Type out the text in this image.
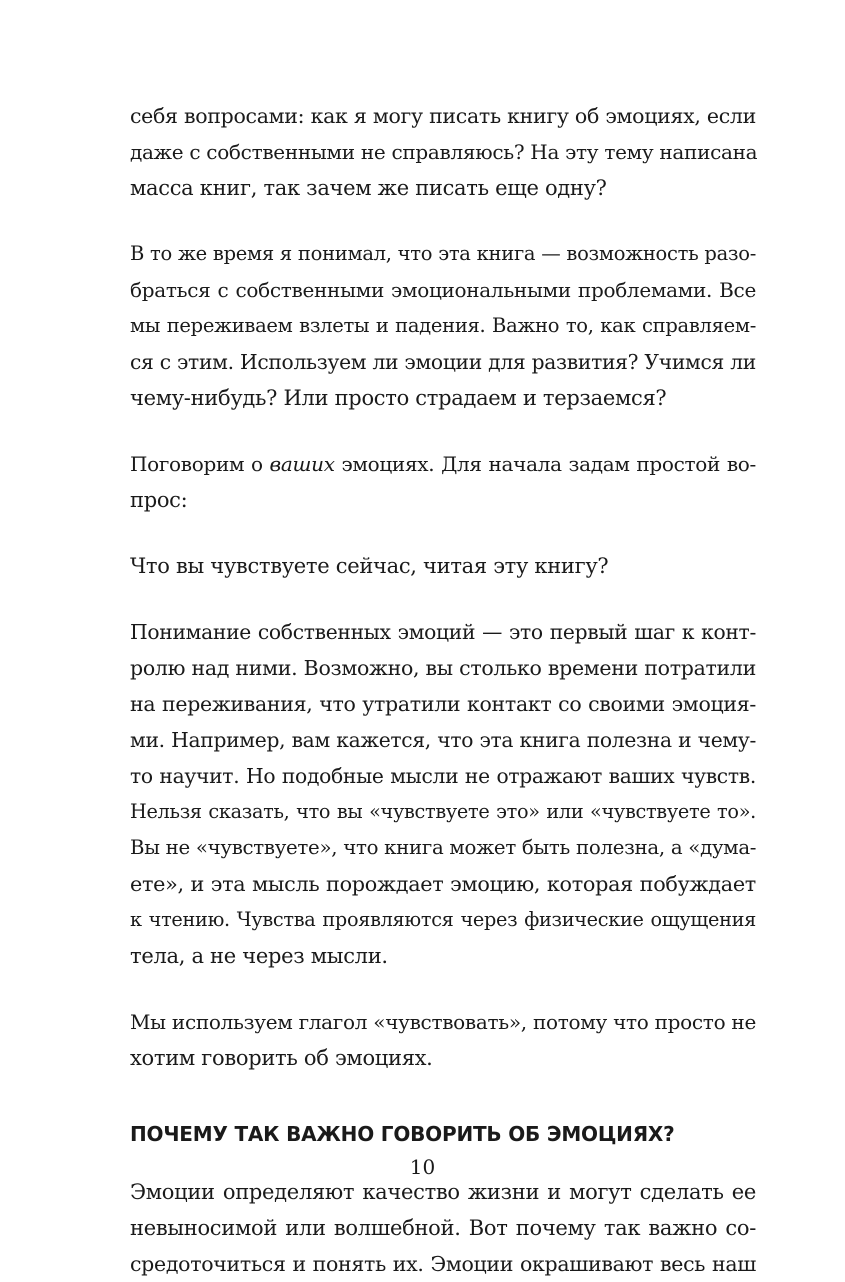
себя вопросами: как я могу писать книгу об эмоциях, если
даже с собственными не справляюсь? На эту тему написана
масса книг, так зачем же писать еще одну?
В то же время я понимал, что эта книга — возможность разо-
браться с собственными эмоциональными проблемами. Все
мы переживаем взлеты и падения. Важно то, как справляем-
ся с этим. Используем ли эмоции для развития? Учимся ли
чему-нибудь? Или просто страдаем и терзаемся?
Поговорим о ваших эмоциях. Для начала задам простой во-
прос:
Что вы чувствуете сейчас, читая эту книгу?
Понимание собственных эмоций — это первый шаг к конт-
ролю над ними. Возможно, вы столько времени потратили
на переживания, что утратили контакт со своими эмоция-
ми. Например, вам кажется, что эта книга полезна и чему-
то научит. Но подобные мысли не отражают ваших чувств.
Нельзя сказать, что вы «чувствуете это» или «чувствуете то».
Вы не «чувствуете», что книга может быть полезна, а «дума-
ете», и эта мысль порождает эмоцию, которая побуждает
к чтению. Чувства проявляются через физические ощущения
тела, а не через мысли.
Мы используем глагол «чувствовать», потому что просто не
хотим говорить об эмоциях.
ПОЧЕМУ ТАК ВАЖНО ГОВОРИТЬ ОБ ЭМОЦИЯХ?
Эмоции определяют качество жизни и могут сделать ее
невыносимой или волшебной. Вот почему так важно со-
средоточиться и понять их. Эмоции окрашивают весь наш
10
